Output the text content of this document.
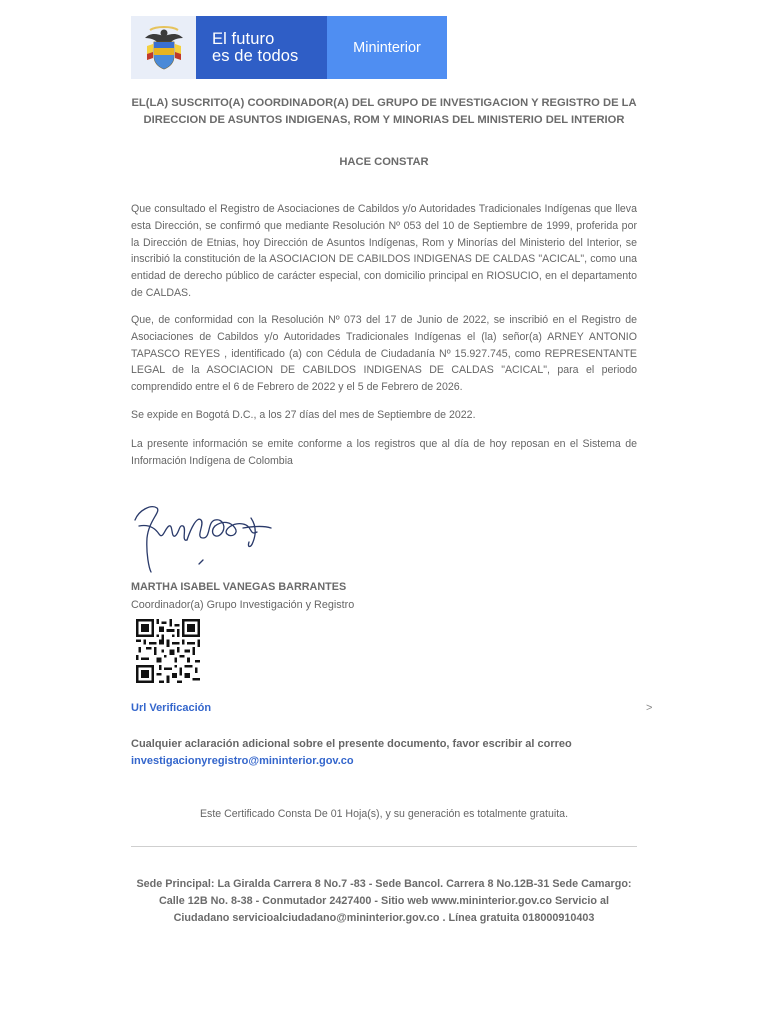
El futuro
es de todos	Mininterior
EL(LA) SUSCRITO(A) COORDINADOR(A) DEL GRUPO DE INVESTIGACION Y REGISTRO DE LA DIRECCION DE ASUNTOS INDIGENAS, ROM Y MINORIAS DEL MINISTERIO DEL INTERIOR
HACE CONSTAR

Que consultado el Registro de Asociaciones de Cabildos y/o Autoridades Tradicionales Indígenas que lleva esta Dirección, se confirmó que mediante Resolución Nº 053 del 10 de Septiembre de 1999, proferida por la Dirección de Etnias, hoy Dirección de Asuntos Indígenas, Rom y Minorías del Ministerio del Interior, se inscribió la constitución de la ASOCIACION DE CABILDOS INDIGENAS DE CALDAS "ACICAL", como una entidad de derecho público de carácter especial, con domicilio principal en RIOSUCIO, en el departamento de CALDAS.

Que, de conformidad con la Resolución Nº 073 del 17 de Junio de 2022, se inscribió en el Registro de Asociaciones de Cabildos y/o Autoridades Tradicionales Indígenas el (la) señor(a) ARNEY ANTONIO TAPASCO REYES , identificado (a) con Cédula de Ciudadanía Nº 15.927.745, como REPRESENTANTE LEGAL de la ASOCIACION DE CABILDOS INDIGENAS DE CALDAS "ACICAL", para el periodo comprendido entre el 6 de Febrero de 2022 y el 5 de Febrero de 2026.

Se expide en Bogotá D.C., a los 27 días del mes de Septiembre de 2022.

La presente información se emite conforme a los registros que al día de hoy reposan en el Sistema de Información Indígena de Colombia

MARTHA ISABEL VANEGAS BARRANTES
Coordinador(a) Grupo Investigación y Registro
Url Verificación	>
Cualquier aclaración adicional sobre el presente documento, favor escribir al correo
investigacionyregistro@mininterior.gov.co
Este Certificado Consta De 01 Hoja(s), y su generación es totalmente gratuita.
Sede Principal: La Giralda Carrera 8 No.7 -83 - Sede Bancol. Carrera 8 No.12B-31 Sede Camargo: Calle 12B No. 8-38 - Conmutador 2427400 - Sitio web www.mininterior.gov.co Servicio al Ciudadano servicioalciudadano@mininterior.gov.co . Línea gratuita 018000910403
